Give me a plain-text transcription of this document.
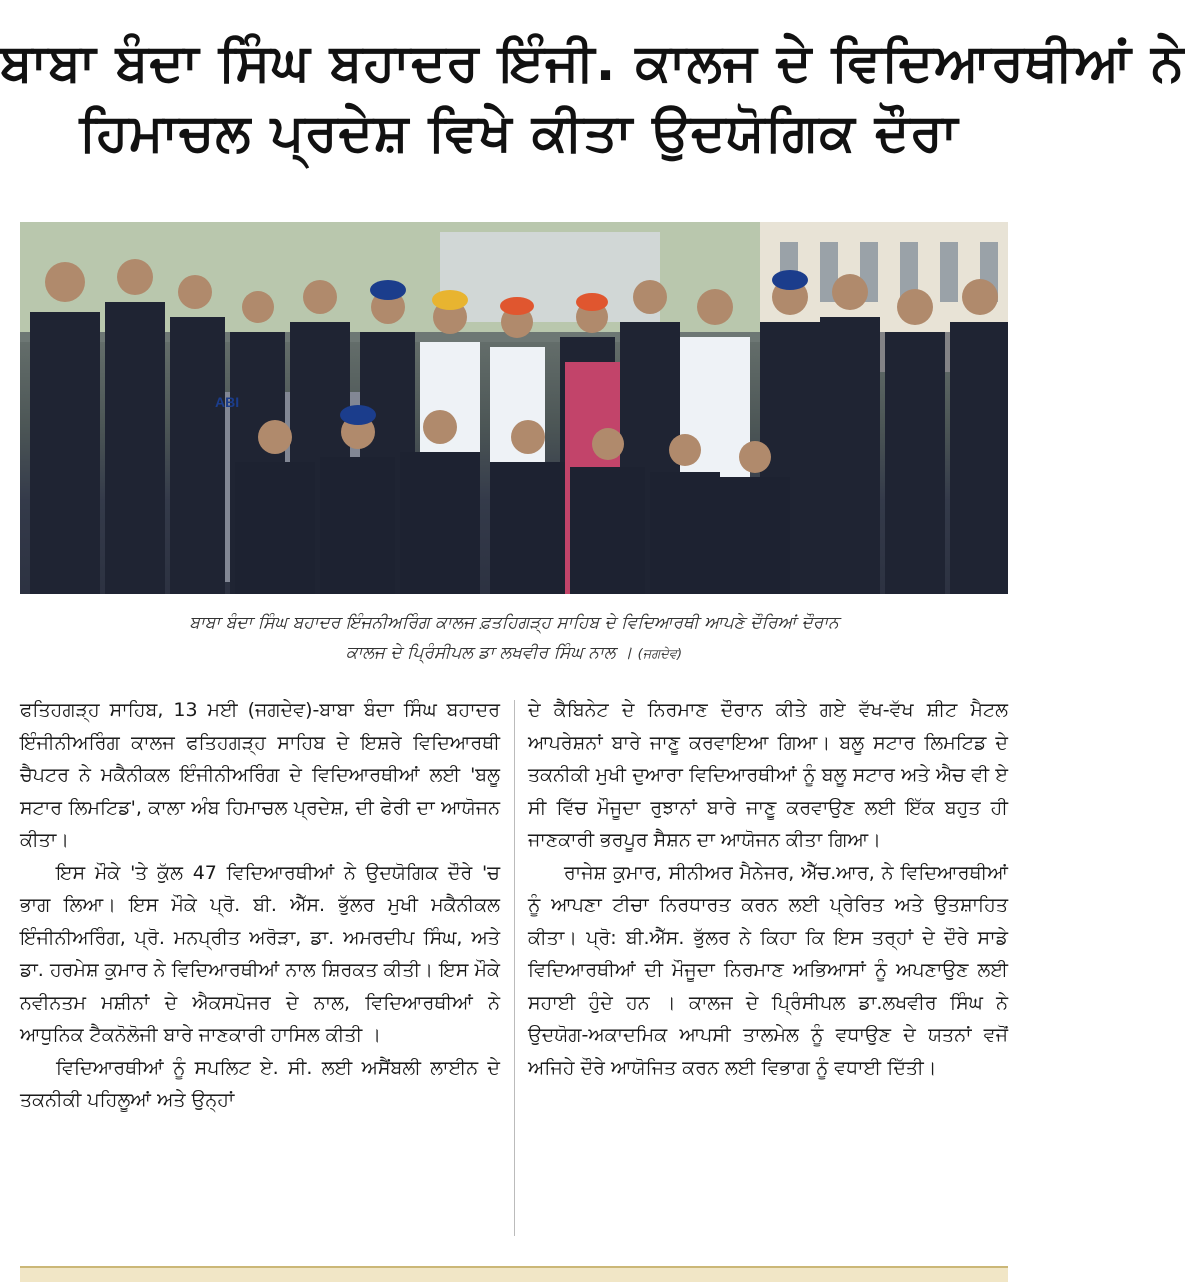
ਬਾਬਾ ਬੰਦਾ ਸਿੰਘ ਬਹਾਦਰ ਇੰਜੀ. ਕਾਲਜ ਦੇ ਵਿਦਿਆਰਥੀਆਂ ਨੇ
ਹਿਮਾਚਲ ਪ੍ਰਦੇਸ਼ ਵਿਖੇ ਕੀਤਾ ਉਦਯੋਗਿਕ ਦੌਰਾ
ABI
ਬਾਬਾ ਬੰਦਾ ਸਿੰਘ ਬਹਾਦਰ ਇੰਜਨੀਅਰਿੰਗ ਕਾਲਜ ਫ਼ਤਹਿਗੜ੍ਹ ਸਾਹਿਬ ਦੇ ਵਿਦਿਆਰਥੀ ਆਪਣੇ ਦੌਰਿਆਂ ਦੌਰਾਨ
ਕਾਲਜ ਦੇ ਪ੍ਰਿੰਸੀਪਲ ਡਾ ਲਖਵੀਰ ਸਿੰਘ ਨਾਲ । (ਜਗਦੇਵ)

ਫਤਿਹਗੜ੍ਹ ਸਾਹਿਬ, 13 ਮਈ (ਜਗਦੇਵ)-ਬਾਬਾ ਬੰਦਾ ਸਿੰਘ ਬਹਾਦਰ ਇੰਜੀਨੀਅਰਿੰਗ ਕਾਲਜ ਫਤਿਹਗੜ੍ਹ ਸਾਹਿਬ ਦੇ ਇਸ਼ਰੇ ਵਿਦਿਆਰਥੀ ਚੈਪਟਰ ਨੇ ਮਕੈਨੀਕਲ ਇੰਜੀਨੀਅਰਿੰਗ ਦੇ ਵਿਦਿਆਰਥੀਆਂ ਲਈ 'ਬਲੂ ਸਟਾਰ ਲਿਮਟਿਡ', ਕਾਲਾ ਅੰਬ ਹਿਮਾਚਲ ਪ੍ਰਦੇਸ਼, ਦੀ ਫੇਰੀ ਦਾ ਆਯੋਜਨ ਕੀਤਾ।

ਇਸ ਮੌਕੇ 'ਤੇ ਕੁੱਲ 47 ਵਿਦਿਆਰਥੀਆਂ ਨੇ ਉਦਯੋਗਿਕ ਦੌਰੇ 'ਚ ਭਾਗ ਲਿਆ। ਇਸ ਮੌਕੇ ਪ੍ਰੋ. ਬੀ. ਐੱਸ. ਭੁੱਲਰ ਮੁਖੀ ਮਕੈਨੀਕਲ ਇੰਜੀਨੀਅਰਿੰਗ, ਪ੍ਰੋ. ਮਨਪ੍ਰੀਤ ਅਰੋੜਾ, ਡਾ. ਅਮਰਦੀਪ ਸਿੰਘ, ਅਤੇ ਡਾ. ਹਰਮੇਸ਼ ਕੁਮਾਰ ਨੇ ਵਿਦਿਆਰਥੀਆਂ ਨਾਲ ਸ਼ਿਰਕਤ ਕੀਤੀ। ਇਸ ਮੌਕੇ ਨਵੀਨਤਮ ਮਸ਼ੀਨਾਂ ਦੇ ਐਕਸਪੋਜਰ ਦੇ ਨਾਲ, ਵਿਦਿਆਰਥੀਆਂ ਨੇ ਆਧੁਨਿਕ ਟੈਕਨੋਲੋਜੀ ਬਾਰੇ ਜਾਣਕਾਰੀ ਹਾਸਿਲ ਕੀਤੀ ।

ਵਿਦਿਆਰਥੀਆਂ ਨੂੰ ਸਪਲਿਟ ਏ. ਸੀ. ਲਈ ਅਸੈਂਬਲੀ ਲਾਈਨ ਦੇ ਤਕਨੀਕੀ ਪਹਿਲੂਆਂ ਅਤੇ ਉਨ੍ਹਾਂ

ਦੇ ਕੈਬਿਨੇਟ ਦੇ ਨਿਰਮਾਣ ਦੌਰਾਨ ਕੀਤੇ ਗਏ ਵੱਖ-ਵੱਖ ਸ਼ੀਟ ਮੈਟਲ ਆਪਰੇਸ਼ਨਾਂ ਬਾਰੇ ਜਾਣੂ ਕਰਵਾਇਆ ਗਿਆ। ਬਲੂ ਸਟਾਰ ਲਿਮਟਿਡ ਦੇ ਤਕਨੀਕੀ ਮੁਖੀ ਦੁਆਰਾ ਵਿਦਿਆਰਥੀਆਂ ਨੂੰ ਬਲੂ ਸਟਾਰ ਅਤੇ ਐਚ ਵੀ ਏ ਸੀ ਵਿੱਚ ਮੌਜੂਦਾ ਰੁਝਾਨਾਂ ਬਾਰੇ ਜਾਣੂ ਕਰਵਾਉਣ ਲਈ ਇੱਕ ਬਹੁਤ ਹੀ ਜਾਣਕਾਰੀ ਭਰਪੂਰ ਸੈਸ਼ਨ ਦਾ ਆਯੋਜਨ ਕੀਤਾ ਗਿਆ।

ਰਾਜੇਸ਼ ਕੁਮਾਰ, ਸੀਨੀਅਰ ਮੈਨੇਜਰ, ਐੱਚ.ਆਰ, ਨੇ ਵਿਦਿਆਰਥੀਆਂ ਨੂੰ ਆਪਣਾ ਟੀਚਾ ਨਿਰਧਾਰਤ ਕਰਨ ਲਈ ਪ੍ਰੇਰਿਤ ਅਤੇ ਉਤਸ਼ਾਹਿਤ ਕੀਤਾ। ਪ੍ਰੋ: ਬੀ.ਐੱਸ. ਭੁੱਲਰ ਨੇ ਕਿਹਾ ਕਿ ਇਸ ਤਰ੍ਹਾਂ ਦੇ ਦੌਰੇ ਸਾਡੇ ਵਿਦਿਆਰਥੀਆਂ ਦੀ ਮੌਜੂਦਾ ਨਿਰਮਾਣ ਅਭਿਆਸਾਂ ਨੂੰ ਅਪਣਾਉਣ ਲਈ ਸਹਾਈ ਹੁੰਦੇ ਹਨ । ਕਾਲਜ ਦੇ ਪ੍ਰਿੰਸੀਪਲ ਡਾ.ਲਖਵੀਰ ਸਿੰਘ ਨੇ ਉਦਯੋਗ-ਅਕਾਦਮਿਕ ਆਪਸੀ ਤਾਲਮੇਲ ਨੂੰ ਵਧਾਉਣ ਦੇ ਯਤਨਾਂ ਵਜੋਂ ਅਜਿਹੇ ਦੌਰੇ ਆਯੋਜਿਤ ਕਰਨ ਲਈ ਵਿਭਾਗ ਨੂੰ ਵਧਾਈ ਦਿੱਤੀ।
